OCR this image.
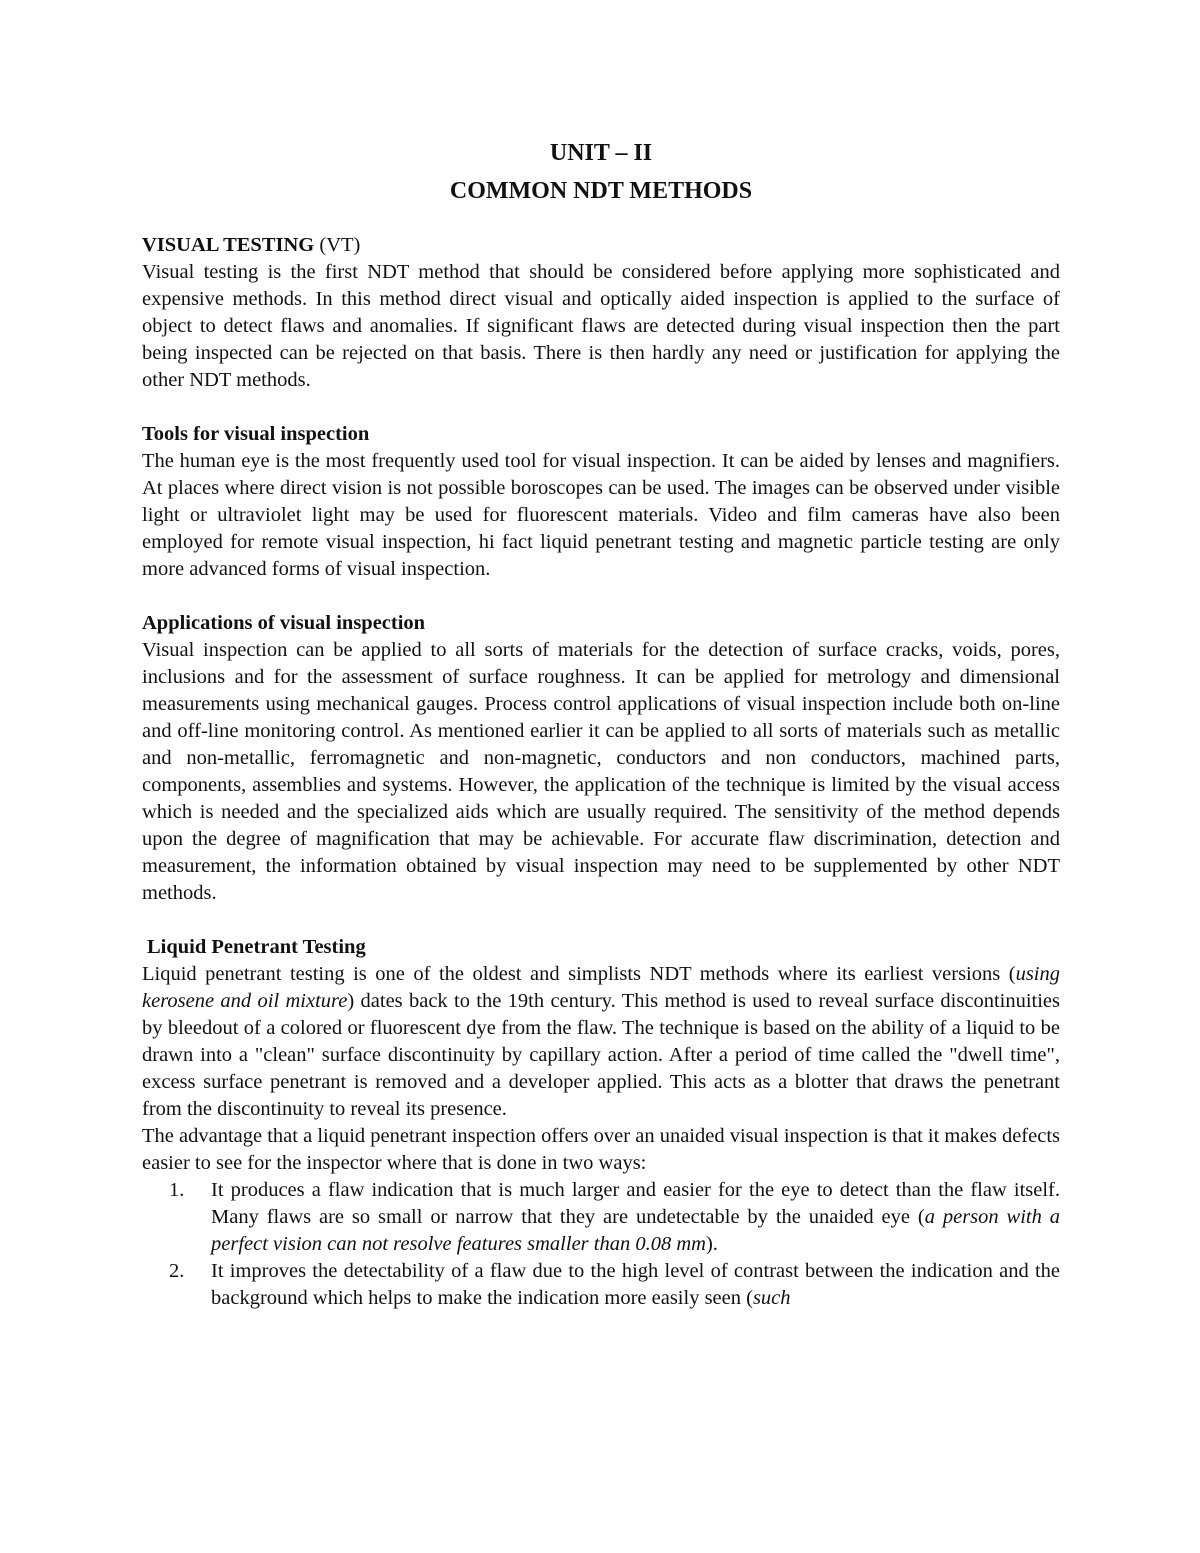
UNIT – II

COMMON NDT METHODS

VISUAL TESTING (VT)

Visual testing is the first NDT method that should be considered before applying more sophisticated and expensive methods. In this method direct visual and optically aided inspection is applied to the surface of object to detect flaws and anomalies. If significant flaws are detected during visual inspection then the part being inspected can be rejected on that basis. There is then hardly any need or justification for applying the other NDT methods.

Tools for visual inspection

The human eye is the most frequently used tool for visual inspection. It can be aided by lenses and magnifiers. At places where direct vision is not possible boroscopes can be used. The images can be observed under visible light or ultraviolet light may be used for fluorescent materials. Video and film cameras have also been employed for remote visual inspection, hi fact liquid penetrant testing and magnetic particle testing are only more advanced forms of visual inspection.

Applications of visual inspection

Visual inspection can be applied to all sorts of materials for the detection of surface cracks, voids, pores, inclusions and for the assessment of surface roughness. It can be applied for metrology and dimensional measurements using mechanical gauges. Process control applications of visual inspection include both on-line and off-line monitoring control. As mentioned earlier it can be applied to all sorts of materials such as metallic and non-metallic, ferromagnetic and non-magnetic, conductors and non conductors, machined parts, components, assemblies and systems. However, the application of the technique is limited by the visual access which is needed and the specialized aids which are usually required. The sensitivity of the method depends upon the degree of magnification that may be achievable. For accurate flaw discrimination, detection and measurement, the information obtained by visual inspection may need to be supplemented by other NDT methods.

Liquid Penetrant Testing

Liquid penetrant testing is one of the oldest and simplists NDT methods where its earliest versions (using kerosene and oil mixture) dates back to the 19th century. This method is used to reveal surface discontinuities by bleedout of a colored or fluorescent dye from the flaw. The technique is based on the ability of a liquid to be drawn into a "clean" surface discontinuity by capillary action. After a period of time called the "dwell time", excess surface penetrant is removed and a developer applied. This acts as a blotter that draws the penetrant from the discontinuity to reveal its presence.

The advantage that a liquid penetrant inspection offers over an unaided visual inspection is that it makes defects easier to see for the inspector where that is done in two ways:

1. It produces a flaw indication that is much larger and easier for the eye to detect than the flaw itself. Many flaws are so small or narrow that they are undetectable by the unaided eye (a person with a perfect vision can not resolve features smaller than 0.08 mm).
2. It improves the detectability of a flaw due to the high level of contrast between the indication and the background which helps to make the indication more easily seen (such
